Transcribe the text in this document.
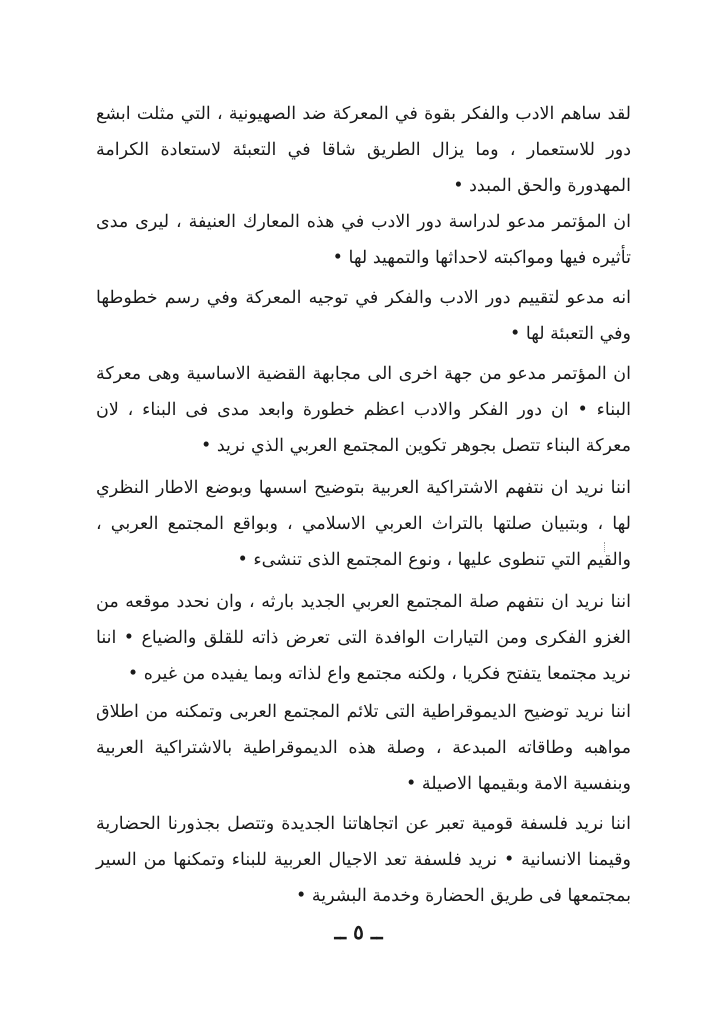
لقد ساهم الادب والفكر بقوة في المعركة ضد الصهيونية ، التي مثلت ابشع دور للاستعمار ، وما يزال الطريق شاقا في التعبئة لاستعادة الكرامة المهدورة والحق المبدد •

ان المؤتمر مدعو لدراسة دور الادب في هذه المعارك العنيفة ، ليرى مدى تأثيره فيها ومواكبته لاحداثها والتمهيد لها •

انه مدعو لتقييم دور الادب والفكر في توجيه المعركة وفي رسم خطوطها وفي التعبئة لها •

ان المؤتمر مدعو من جهة اخرى الى مجابهة القضية الاساسية وهى معركة البناء • ان دور الفكر والادب اعظم خطورة وابعد مدى فى البناء ، لان معركة البناء تتصل بجوهر تكوين المجتمع العربي الذي نريد •

اننا نريد ان نتفهم الاشتراكية العربية بتوضيح اسسها وبوضع الاطار النظري لها ، وبتبيان صلتها بالتراث العربي الاسلامي ، وبواقع المجتمع العربي ، والقيم التي تنطوى عليها ، ونوع المجتمع الذى تنشىء •

اننا نريد ان نتفهم صلة المجتمع العربي الجديد بارثه ، وان نحدد موقعه من الغزو الفكرى ومن التيارات الوافدة التى تعرض ذاته للقلق والضياع • اننا نريد مجتمعا يتفتح فكريا ، ولكنه مجتمع واع لذاته وبما يفيده من غيره •

اننا نريد توضيح الديموقراطية التى تلائم المجتمع العربى وتمكنه من اطلاق مواهبه وطاقاته المبدعة ، وصلة هذه الديموقراطية بالاشتراكية العربية وبنفسية الامة وبقيمها الاصيلة •

اننا نريد فلسفة قومية تعبر عن اتجاهاتنا الجديدة وتتصل بجذورنا الحضارية وقيمنا الانسانية • نريد فلسفة تعد الاجيال العربية للبناء وتمكنها من السير بمجتمعها فى طريق الحضارة وخدمة البشرية •

ــ ٥ ــ
